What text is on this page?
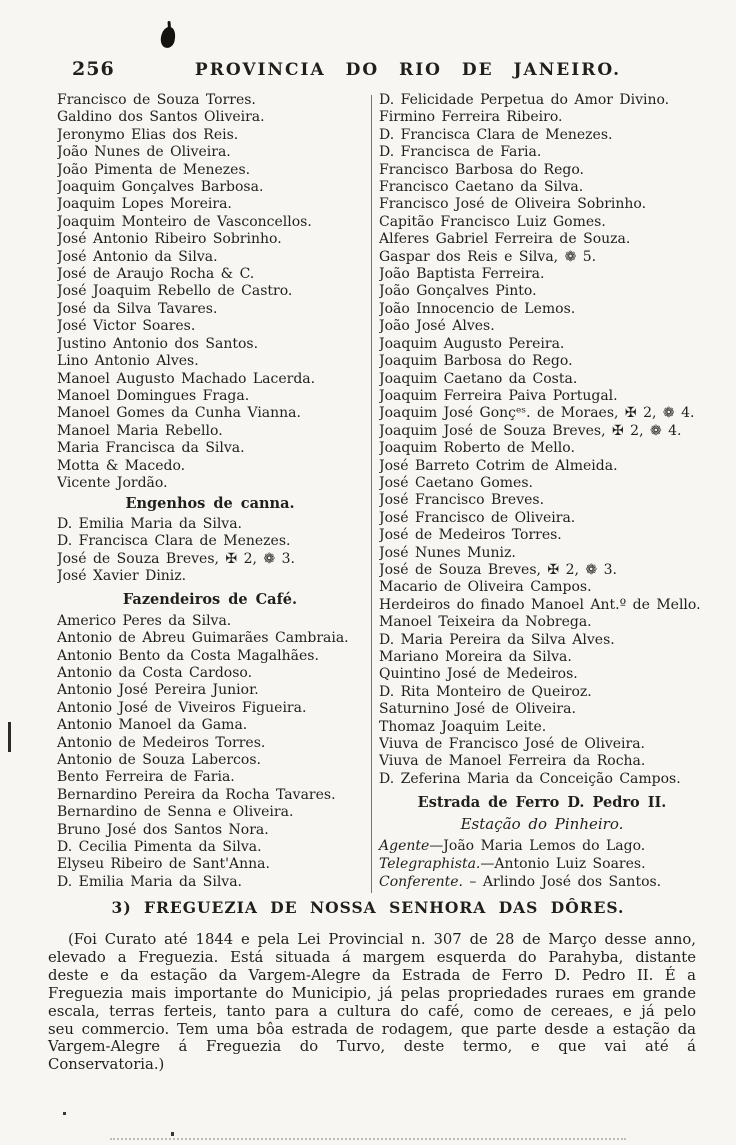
256	PROVINCIA DO RIO DE JANEIRO.
Francisco de Souza Torres.
Galdino dos Santos Oliveira.
Jeronymo Elias dos Reis.
João Nunes de Oliveira.
João Pimenta de Menezes.
Joaquim Gonçalves Barbosa.
Joaquim Lopes Moreira.
Joaquim Monteiro de Vasconcellos.
José Antonio Ribeiro Sobrinho.
José Antonio da Silva.
José de Araujo Rocha & C.
José Joaquim Rebello de Castro.
José da Silva Tavares.
José Victor Soares.
Justino Antonio dos Santos.
Lino Antonio Alves.
Manoel Augusto Machado Lacerda.
Manoel Domingues Fraga.
Manoel Gomes da Cunha Vianna.
Manoel Maria Rebello.
Maria Francisca da Silva.
Motta & Macedo.
Vicente Jordão.
Engenhos de canna.
D. Emilia Maria da Silva.
D. Francisca Clara de Menezes.
José de Souza Breves, ✠ 2, ❁ 3.
José Xavier Diniz.
Fazendeiros de Café.
Americo Peres da Silva.
Antonio de Abreu Guimarães Cambraia.
Antonio Bento da Costa Magalhães.
Antonio da Costa Cardoso.
Antonio José Pereira Junior.
Antonio José de Viveiros Figueira.
Antonio Manoel da Gama.
Antonio de Medeiros Torres.
Antonio de Souza Labercos.
Bento Ferreira de Faria.
Bernardino Pereira da Rocha Tavares.
Bernardino de Senna e Oliveira.
Bruno José dos Santos Nora.
D. Cecilia Pimenta da Silva.
Elyseu Ribeiro de Sant'Anna.
D. Emilia Maria da Silva.
D. Felicidade Perpetua do Amor Divino.
Firmino Ferreira Ribeiro.
D. Francisca Clara de Menezes.
D. Francisca de Faria.
Francisco Barbosa do Rego.
Francisco Caetano da Silva.
Francisco José de Oliveira Sobrinho.
Capitão Francisco Luiz Gomes.
Alferes Gabriel Ferreira de Souza.
Gaspar dos Reis e Silva, ❁ 5.
João Baptista Ferreira.
João Gonçalves Pinto.
João Innocencio de Lemos.
João José Alves.
Joaquim Augusto Pereira.
Joaquim Barbosa do Rego.
Joaquim Caetano da Costa.
Joaquim Ferreira Paiva Portugal.
Joaquim José Gonçᵉˢ. de Moraes, ✠ 2, ❁ 4.
Joaquim José de Souza Breves, ✠ 2, ❁ 4.
Joaquim Roberto de Mello.
José Barreto Cotrim de Almeida.
José Caetano Gomes.
José Francisco Breves.
José Francisco de Oliveira.
José de Medeiros Torres.
José Nunes Muniz.
José de Souza Breves, ✠ 2, ❁ 3.
Macario de Oliveira Campos.
Herdeiros do finado Manoel Ant.º de Mello.
Manoel Teixeira da Nobrega.
D. Maria Pereira da Silva Alves.
Mariano Moreira da Silva.
Quintino José de Medeiros.
D. Rita Monteiro de Queiroz.
Saturnino José de Oliveira.
Thomaz Joaquim Leite.
Viuva de Francisco José de Oliveira.
Viuva de Manoel Ferreira da Rocha.
D. Zeferina Maria da Conceição Campos.
Estrada de Ferro D. Pedro II.
Estação do Pinheiro.
Agente—João Maria Lemos do Lago.
Telegraphista.—Antonio Luiz Soares.
Conferente. – Arlindo José dos Santos.
3) FREGUEZIA DE NOSSA SENHORA DAS DÔRES.
(Foi Curato até 1844 e pela Lei Provincial n. 307 de 28 de Março desse anno, elevado a Freguezia. Está situada á margem esquerda do Parahyba, distante deste e da estação da Vargem-Alegre da Estrada de Ferro D. Pedro II. É a Freguezia mais importante do Municipio, já pelas propriedades ruraes em grande escala, terras ferteis, tanto para a cultura do café, como de cereaes, e já pelo seu commercio. Tem uma bôa estrada de rodagem, que parte desde a estação da Vargem-Alegre á Freguezia do Turvo, deste termo, e que vai até á Conservatoria.)
